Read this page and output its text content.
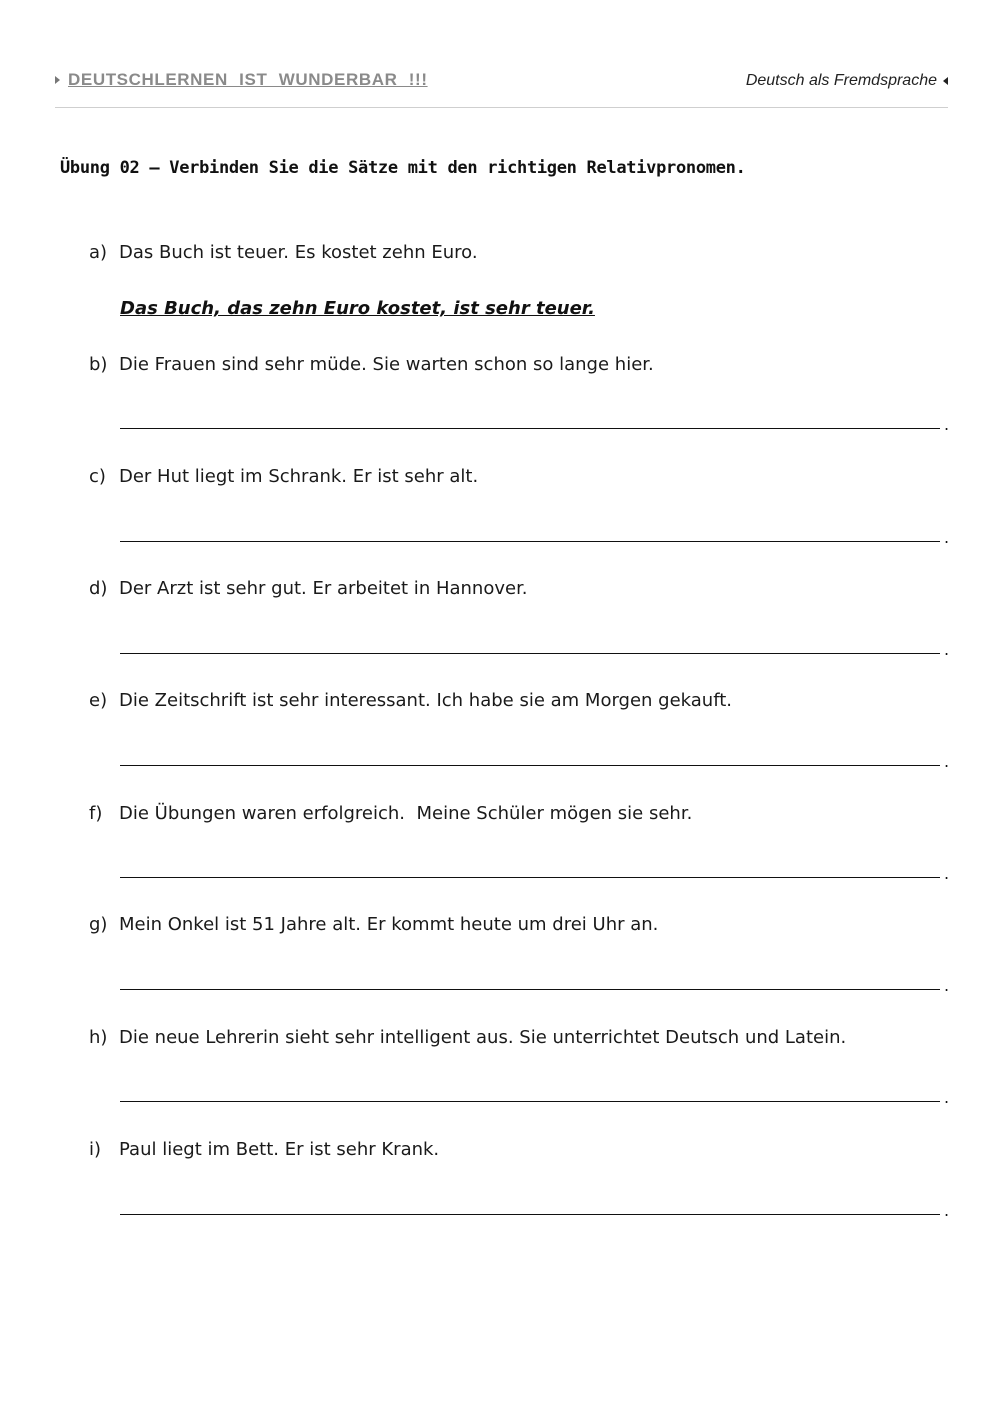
DEUTSCHLERNEN IST WUNDERBAR !!!	Deutsch als Fremdsprache
Übung 02 – Verbinden Sie die Sätze mit den richtigen Relativpronomen.
a) Das Buch ist teuer. Es kostet zehn Euro.
Das Buch, das zehn Euro kostet, ist sehr teuer.
b) Die Frauen sind sehr müde. Sie warten schon so lange hier.
.
c) Der Hut liegt im Schrank. Er ist sehr alt.
.
d) Der Arzt ist sehr gut. Er arbeitet in Hannover.
.
e) Die Zeitschrift ist sehr interessant. Ich habe sie am Morgen gekauft.
.
f) Die Übungen waren erfolgreich.  Meine Schüler mögen sie sehr.
.
g) Mein Onkel ist 51 Jahre alt. Er kommt heute um drei Uhr an.
.
h) Die neue Lehrerin sieht sehr intelligent aus. Sie unterrichtet Deutsch und Latein.
.
i) Paul liegt im Bett. Er ist sehr Krank.
.
